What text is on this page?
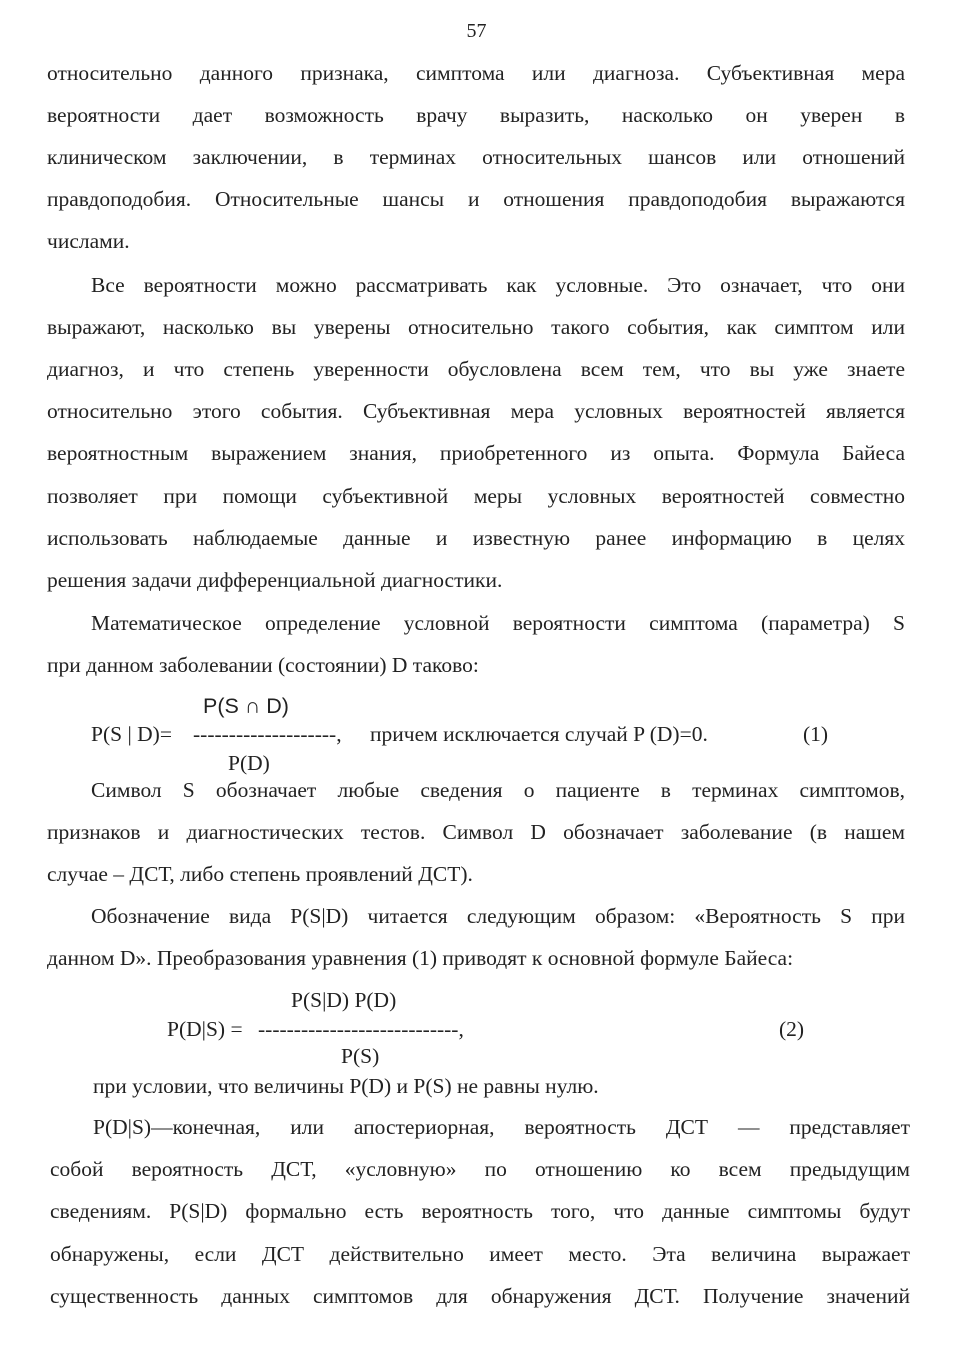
57
относительно данного признака, симптома или диагноза. Субъективная мера
вероятности дает возможность врачу выразить, насколько он уверен в
клиническом заключении, в терминах относительных шансов или отношений
правдоподобия. Относительные шансы и отношения правдоподобия выражаются
числами.
Все вероятности можно рассматривать как условные. Это означает, что они
выражают, насколько вы уверены относительно такого события, как симптом или
диагноз, и что степень уверенности обусловлена всем тем, что вы уже знаете
относительно этого события. Субъективная мера условных вероятностей является
вероятностным выражением знания, приобретенного из опыта. Формула Байеса
позволяет при помощи субъективной меры условных вероятностей совместно
использовать наблюдаемые данные и известную ранее информацию в целях
решения задачи дифференциальной диагностики.
Математическое определение условной вероятности симптома (параметра) S
при данном заболевании (состоянии) D таково:
P(S ∩ D)
P(S | D)= --------------------, причем исключается случай P (D)=0.	(1)
P(D)
Символ S обозначает любые сведения о пациенте в терминах симптомов,
признаков и диагностических тестов. Символ D обозначает заболевание (в нашем
случае – ДСТ, либо степень проявлений ДСТ).
Обозначение вида P(S|D) читается следующим образом: «Вероятность S при
данном D». Преобразования уравнения (1) приводят к основной формуле Байеса:
P(S|D) P(D)
P(D|S) = ----------------------------,	(2)
P(S)
при условии, что величины P(D) и P(S) не равны нулю.
P(D|S)—конечная, или апостериорная, вероятность ДСТ — представляет
собой вероятность ДСТ, «условную» по отношению ко всем предыдущим
сведениям. P(S|D) формально есть вероятность того, что данные симптомы будут
обнаружены, если ДСТ действительно имеет место. Эта величина выражает
существенность данных симптомов для обнаружения ДСТ. Получение значений
